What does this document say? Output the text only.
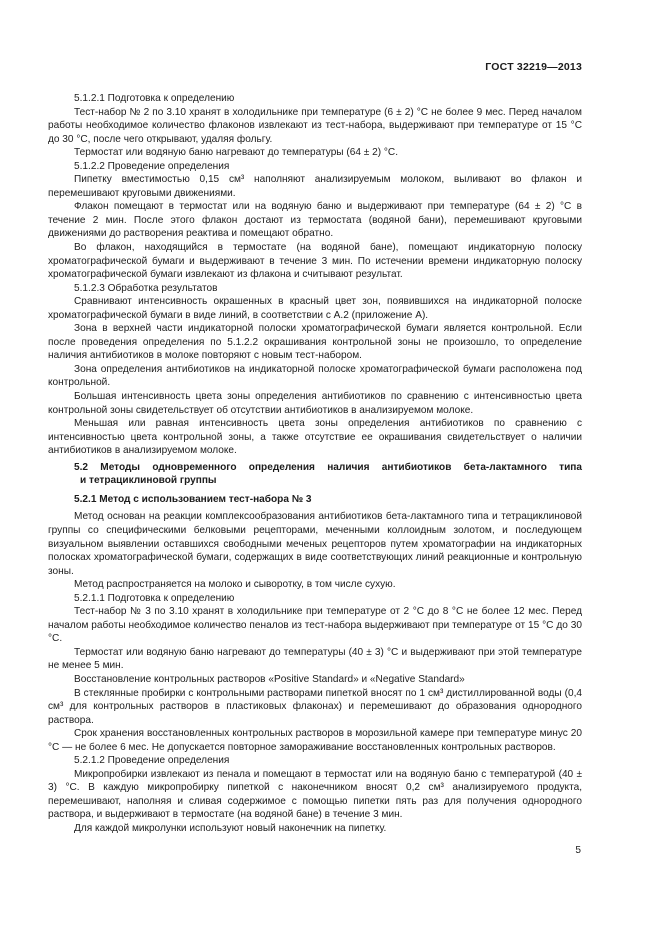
ГОСТ 32219—2013

5.1.2.1 Подготовка к определению

Тест-набор № 2 по 3.10 хранят в холодильнике при температуре (6 ± 2) °С не более 9 мес. Перед началом работы необходимое количество флаконов извлекают из тест-набора, выдерживают при температуре от 15 °С до 30 °С, после чего открывают, удаляя фольгу.

Термостат или водяную баню нагревают до температуры (64 ± 2) °С.

5.1.2.2 Проведение определения

Пипетку вместимостью 0,15 см³ наполняют анализируемым молоком, выливают во флакон и перемешивают круговыми движениями.

Флакон помещают в термостат или на водяную баню и выдерживают при температуре (64 ± 2) °С в течение 2 мин. После этого флакон достают из термостата (водяной бани), перемешивают круговыми движениями до растворения реактива и помещают обратно.

Во флакон, находящийся в термостате (на водяной бане), помещают индикаторную полоску хроматографической бумаги и выдерживают в течение 3 мин. По истечении времени индикаторную полоску хроматографической бумаги извлекают из флакона и считывают результат.

5.1.2.3 Обработка результатов

Сравнивают интенсивность окрашенных в красный цвет зон, появившихся на индикаторной полоске хроматографической бумаги в виде линий, в соответствии с А.2 (приложение А).

Зона в верхней части индикаторной полоски хроматографической бумаги является контрольной. Если после проведения определения по 5.1.2.2 окрашивания контрольной зоны не произошло, то определение наличия антибиотиков в молоке повторяют с новым тест-набором.

Зона определения антибиотиков на индикаторной полоске хроматографической бумаги расположена под контрольной.

Большая интенсивность цвета зоны определения антибиотиков по сравнению с интенсивностью цвета контрольной зоны свидетельствует об отсутствии антибиотиков в анализируемом молоке.

Меньшая или равная интенсивность цвета зоны определения антибиотиков по сравнению с интенсивностью цвета контрольной зоны, а также отсутствие ее окрашивания свидетельствует о наличии антибиотиков в анализируемом молоке.

5.2 Методы одновременного определения наличия антибиотиков бета-лактамного типа
и тетрациклиновой группы

5.2.1 Метод с использованием тест-набора № 3

Метод основан на реакции комплексообразования антибиотиков бета-лактамного типа и тетрациклиновой группы со специфическими белковыми рецепторами, меченными коллоидным золотом, и последующем визуальном выявлении оставшихся свободными меченых рецепторов путем хроматографии на индикаторных полосках хроматографической бумаги, содержащих в виде соответствующих линий реакционные и контрольную зоны.

Метод распространяется на молоко и сыворотку, в том числе сухую.

5.2.1.1 Подготовка к определению

Тест-набор № 3 по 3.10 хранят в холодильнике при температуре от 2 °С до 8 °С не более 12 мес. Перед началом работы необходимое количество пеналов из тест-набора выдерживают при температуре от 15 °С до 30 °С.

Термостат или водяную баню нагревают до температуры (40 ± 3) °С и выдерживают при этой температуре не менее 5 мин.

Восстановление контрольных растворов «Positive Standard» и «Negative Standard»

В стеклянные пробирки с контрольными растворами пипеткой вносят по 1 см³ дистиллированной воды (0,4 см³ для контрольных растворов в пластиковых флаконах) и перемешивают до образования однородного раствора.

Срок хранения восстановленных контрольных растворов в морозильной камере при температуре минус 20 °С — не более 6 мес. Не допускается повторное замораживание восстановленных контрольных растворов.

5.2.1.2 Проведение определения

Микропробирки извлекают из пенала и помещают в термостат или на водяную баню с температурой (40 ± 3) °С. В каждую микропробирку пипеткой с наконечником вносят 0,2 см³ анализируемого продукта, перемешивают, наполняя и сливая содержимое с помощью пипетки пять раз для получения однородного раствора, и выдерживают в термостате (на водяной бане) в течение 3 мин.

Для каждой микролунки используют новый наконечник на пипетку.

5
